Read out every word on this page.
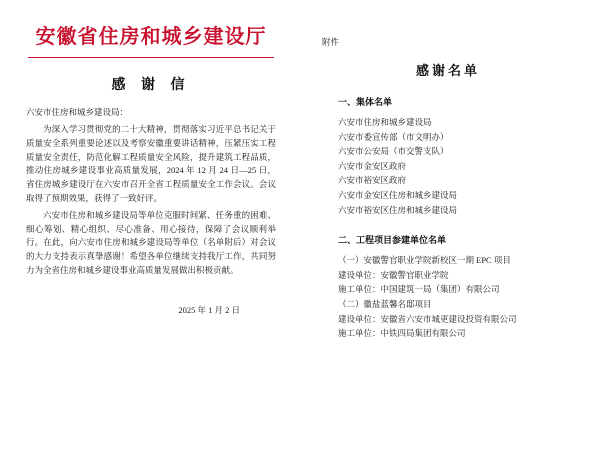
安徽省住房和城乡建设厅
感 谢 信
六安市住房和城乡建设局：

为深入学习贯彻党的二十大精神，贯彻落实习近平总书记关于质量安全系列重要论述以及考察安徽重要讲话精神，压紧压实工程质量安全责任，防范化解工程质量安全风险，提升建筑工程品质，推动住房城乡建设事业高质量发展，2024 年 12 月 24 日—25 日，省住房城乡建设厅在六安市召开全省工程质量安全工作会议。会议取得了预期效果，获得了一致好评。

六安市住房和城乡建设局等单位克服时间紧、任务重的困难、细心筹划、精心组织、尽心准备、用心接待，保障了会议顺利举行。在此，向六安市住房和城乡建设局等单位（名单附后）对会议的大力支持表示真挚感谢！希望各单位继续支持我厅工作，共同努力为全省住房和城乡建设事业高质量发展做出积极贡献。

2025 年 1 月 2 日
附件
感谢名单
一、集体名单
六安市住房和城乡建设局
六安市委宣传部（市文明办）
六安市公安局（市交警支队）
六安市金安区政府
六安市裕安区政府
六安市金安区住房和城乡建设局
六安市裕安区住房和城乡建设局
二、工程项目参建单位名单
（一）安徽警官职业学院新校区一期 EPC 项目
建设单位：安徽警官职业学院
施工单位：中国建筑一局（集团）有限公司
（二）徽盐蓝馨名邸项目
建设单位：安徽省六安市城更建设投资有限公司
施工单位：中铁四局集团有限公司
